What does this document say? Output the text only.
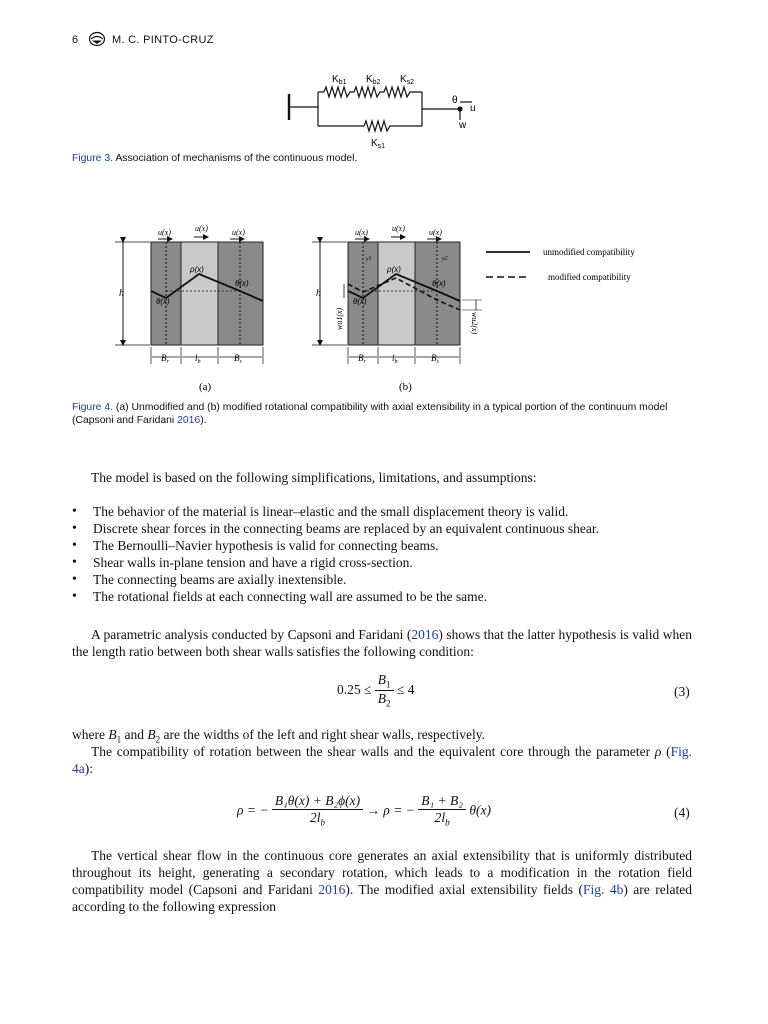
6	M. C. PINTO-CRUZ
$K_{b1}$ $K_{b2}$ $K_{s2}$
$K_{s1}$
θ
u
w
Figure 3. Association of mechanisms of the continuous model.
u(x)	u(x)	u(x)
ρ(x)
θ(x)
θ(x)
h
$B_r$	$l_b$	$B_s$
(a)
u(x)	u(x)	u(x)
y1	y2
ρ(x)
θ(x)
θ(x)
h
wu1(x)	wu2(x)
$B_r$	$l_b$	$B_s$
(b)
unmodified compatibility
modified compatibility
Figure 4. (a) Unmodified and (b) modified rotational compatibility with axial extensibility in a typical portion of the continuum model (Capsoni and Faridani 2016).
The model is based on the following simplifications, limitations, and assumptions:
• The behavior of the material is linear–elastic and the small displacement theory is valid.
• Discrete shear forces in the connecting beams are replaced by an equivalent continuous shear.
• The Bernoulli–Navier hypothesis is valid for connecting beams.
• Shear walls in-plane tension and have a rigid cross-section.
• The connecting beams are axially inextensible.
• The rotational fields at each connecting wall are assumed to be the same.
A parametric analysis conducted by Capsoni and Faridani (2016) shows that the latter hypothesis is valid when the length ratio between both shear walls satisfies the following condition:
$0.25 \le \frac{B_1}{B_2} \le 4$	(3)
where $B_1$ and $B_2$ are the widths of the left and right shear walls, respectively.
The compatibility of rotation between the shear walls and the equivalent core through the parameter ρ (Fig. 4a):
ρ = − $\frac{\text{B₁θ(x) + B₂ϕ(x)}}{2l_b} \to \rho$ = − $\frac{\text{B₁ + B₂}}{2l_b} \theta(x)$	(4)
The vertical shear flow in the continuous core generates an axial extensibility that is uniformly distributed throughout its height, generating a secondary rotation, which leads to a modification in the rotation field compatibility model (Capsoni and Faridani 2016). The modified axial extensibility fields (Fig. 4b) are related according to the following expression
